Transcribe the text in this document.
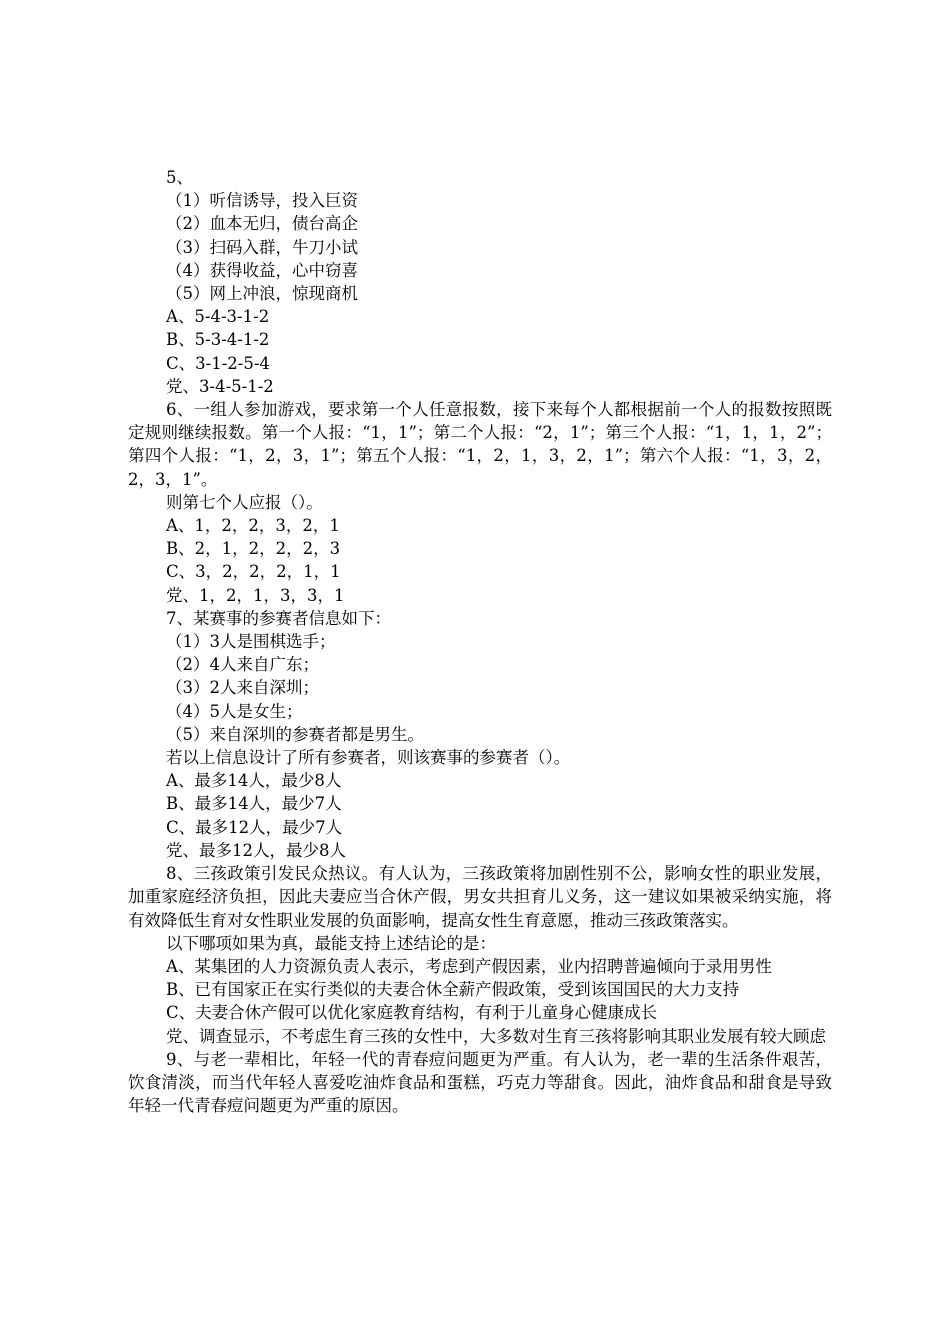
5、

（1）听信诱导，投入巨资

（2）血本无归，债台高企

（3）扫码入群，牛刀小试

（4）获得收益，心中窃喜

（5）网上冲浪，惊现商机

A、5-4-3-1-2

B、5-3-4-1-2

C、3-1-2-5-4

党、3-4-5-1-2

6、一组人参加游戏，要求第一个人任意报数，接下来每个人都根据前一个人的报数按照既定规则继续报数。第一个人报：“1，1”；第二个人报：“2，1”；第三个人报：“1，1，1，2”；第四个人报：“1，2，3，1”；第五个人报：“1，2，1，3，2，1”；第六个人报：“1，3，2，2，3，1”。

则第七个人应报（）。

A、1，2，2，3，2，1

B、2，1，2，2，2，3

C、3，2，2，2，1，1

党、1，2，1，3，3，1

7、某赛事的参赛者信息如下：

（1）3人是围棋选手；

（2）4人来自广东；

（3）2人来自深圳；

（4）5人是女生；

（5）来自深圳的参赛者都是男生。

若以上信息设计了所有参赛者，则该赛事的参赛者（）。

A、最多14人，最少8人

B、最多14人，最少7人

C、最多12人，最少7人

党、最多12人，最少8人

8、三孩政策引发民众热议。有人认为，三孩政策将加剧性别不公，影响女性的职业发展，加重家庭经济负担，因此夫妻应当合休产假，男女共担育儿义务，这一建议如果被采纳实施，将有效降低生育对女性职业发展的负面影响，提高女性生育意愿，推动三孩政策落实。

以下哪项如果为真，最能支持上述结论的是：

A、某集团的人力资源负责人表示，考虑到产假因素，业内招聘普遍倾向于录用男性

B、已有国家正在实行类似的夫妻合休全薪产假政策，受到该国国民的大力支持

C、夫妻合休产假可以优化家庭教育结构，有利于儿童身心健康成长

党、调查显示，不考虑生育三孩的女性中，大多数对生育三孩将影响其职业发展有较大顾虑

9、与老一辈相比，年轻一代的青春痘问题更为严重。有人认为，老一辈的生活条件艰苦，饮食清淡，而当代年轻人喜爱吃油炸食品和蛋糕，巧克力等甜食。因此，油炸食品和甜食是导致年轻一代青春痘问题更为严重的原因。
